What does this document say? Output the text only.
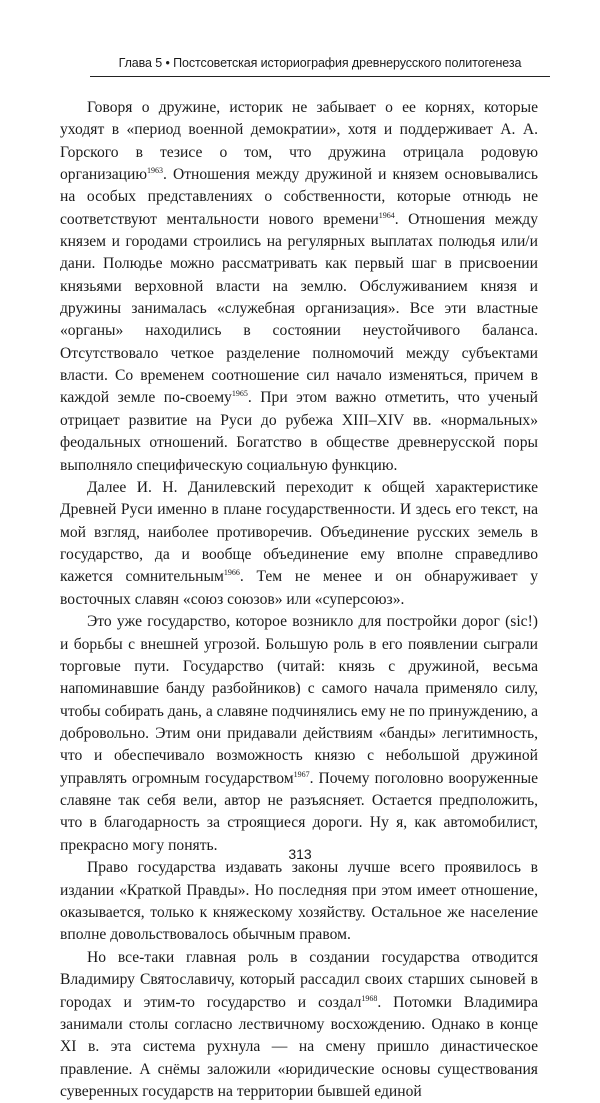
Глава 5 • Постсоветская историография древнерусского политогенеза

Говоря о дружине, историк не забывает о ее корнях, которые уходят в «период военной демократии», хотя и поддерживает А. А. Горского в тезисе о том, что дружина отрицала родовую организацию$^{1963}$. Отношения между дружиной и князем основывались на особых представлениях о собственности, которые отнюдь не соответствуют ментальности нового времени$^{1964}$. Отношения между князем и городами строились на регулярных выплатах полюдья или/и дани. Полюдье можно рассматривать как первый шаг в присвоении князьями верховной власти на землю. Обслуживанием князя и дружины занималась «служебная организация». Все эти властные «органы» находились в состоянии неустойчивого баланса. Отсутствовало четкое разделение полномочий между субъектами власти. Со временем соотношение сил начало изменяться, причем в каждой земле по-своему$^{1965}$. При этом важно отметить, что ученый отрицает развитие на Руси до рубежа XIII–XIV вв. «нормальных» феодальных отношений. Богатство в обществе древнерусской поры выполняло специфическую социальную функцию.

Далее И. Н. Данилевский переходит к общей характеристике Древней Руси именно в плане государственности. И здесь его текст, на мой взгляд, наиболее противоречив. Объединение русских земель в государство, да и вообще объединение ему вполне справедливо кажется сомнительным$^{1966}$. Тем не менее и он обнаруживает у восточных славян «союз союзов» или «суперсоюз».

Это уже государство, которое возникло для постройки дорог (sic!) и борьбы с внешней угрозой. Большую роль в его появлении сыграли торговые пути. Государство (читай: князь с дружиной, весьма напоминавшие банду разбойников) с самого начала применяло силу, чтобы собирать дань, а славяне подчинялись ему не по принуждению, а добровольно. Этим они придавали действиям «банды» легитимность, что и обеспечивало возможность князю с небольшой дружиной управлять огромным государством$^{1967}$. Почему поголовно вооруженные славяне так себя вели, автор не разъясняет. Остается предположить, что в благодарность за строящиеся дороги. Ну я, как автомобилист, прекрасно могу понять.

Право государства издавать законы лучше всего проявилось в издании «Краткой Правды». Но последняя при этом имеет отношение, оказывается, только к княжескому хозяйству. Остальное же население вполне довольствовалось обычным правом.

Но все-таки главная роль в создании государства отводится Владимиру Святославичу, который рассадил своих старших сыновей в городах и этим-то государство и создал$^{1968}$. Потомки Владимира занимали столы согласно лествичному восхождению. Однако в конце XI в. эта система рухнула — на смену пришло династическое правление. А снёмы заложили «юридические основы существования суверенных государств на территории бывшей единой

313
